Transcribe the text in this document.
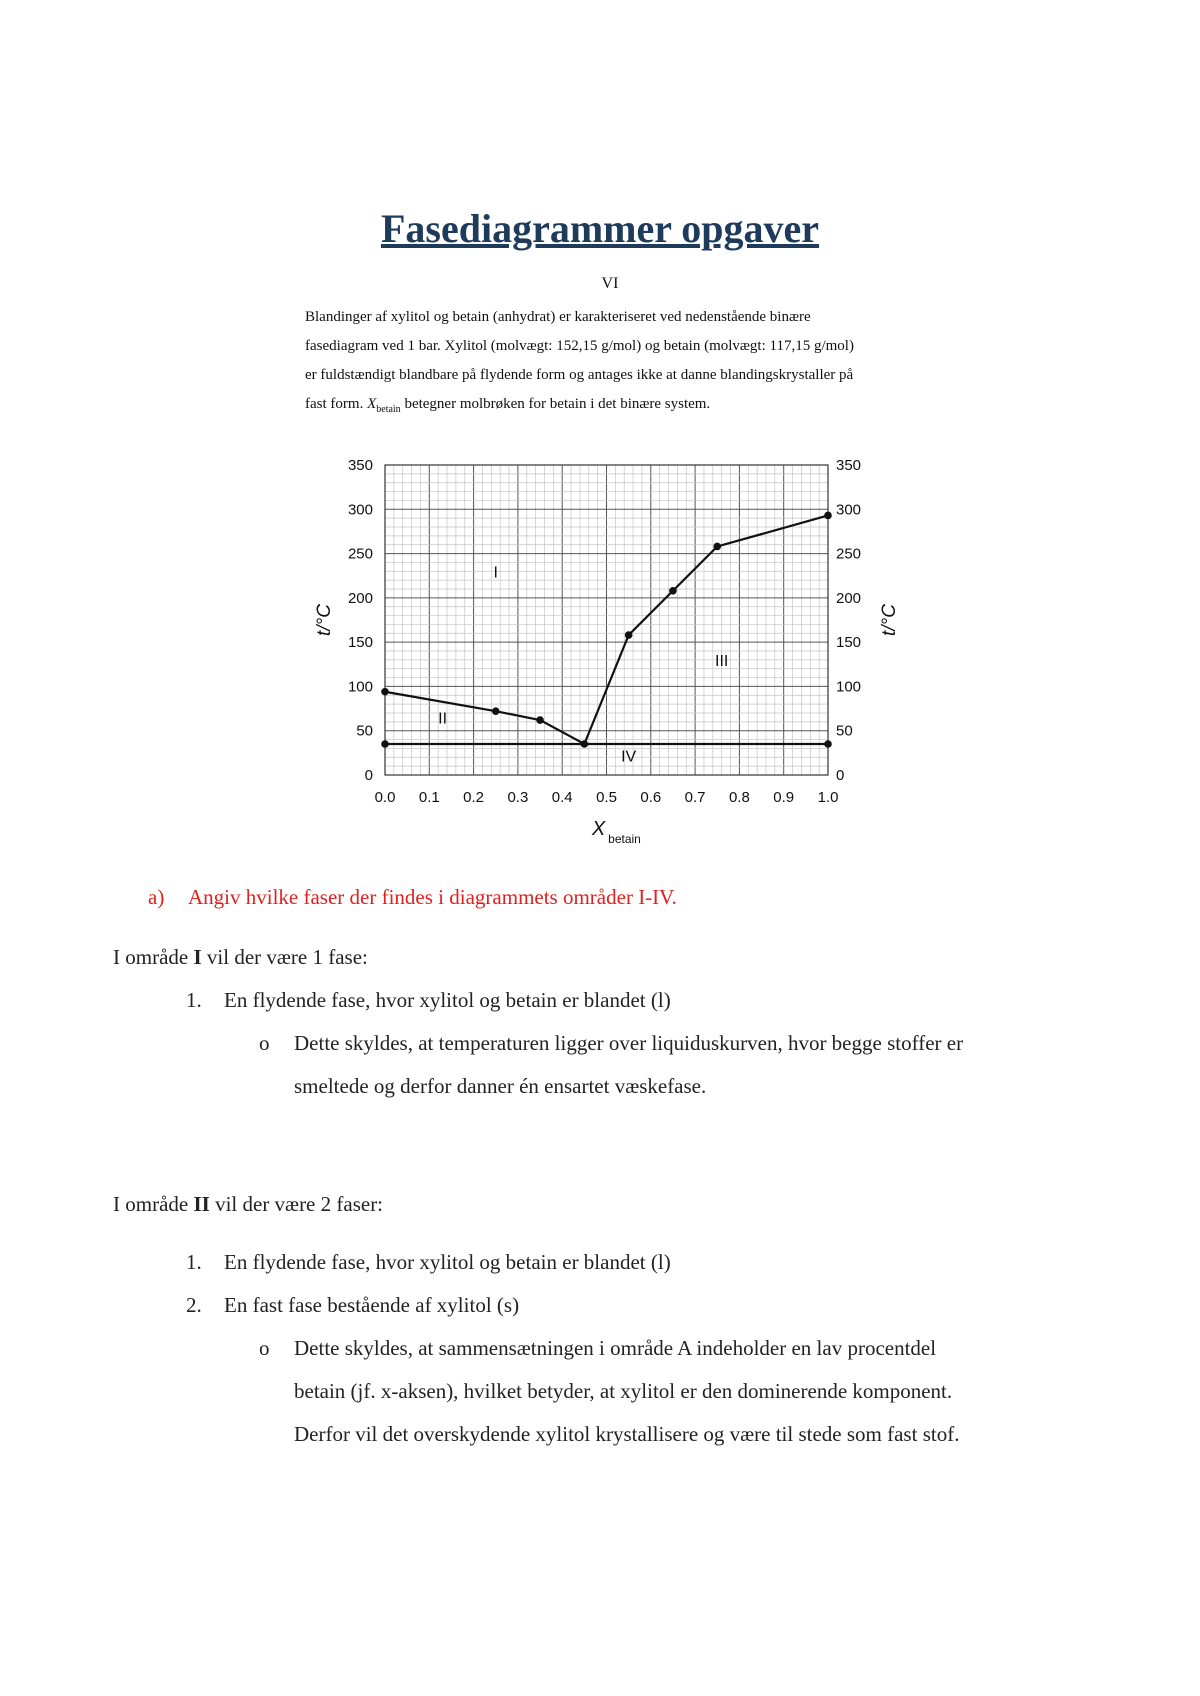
Fasediagrammer opgaver
VI

Blandinger af xylitol og betain (anhydrat) er karakteriseret ved nedenstående binære

fasediagram ved 1 bar. Xylitol (molvægt: 152,15 g/mol) og betain (molvægt: 117,15 g/mol)

er fuldstændigt blandbare på flydende form og antages ikke at danne blandingskrystaller på

fast form. $X_{betain}$ betegner molbrøken for betain i det binære system.

0.0 0.1 0.2 0.3 0.4 0.5 0.6 0.7 0.8 0.9 1.0
0	0
50	50
100	100
150	150
200	200
250	250
300	300
350	350
X betain
t/°C	t/°C
I
II
III
IV
a) Angiv hvilke faser der findes i diagrammets områder I-IV.
I område I vil der være 1 fase:
1. En flydende fase, hvor xylitol og betain er blandet (l)
o Dette skyldes, at temperaturen ligger over liquiduskurven, hvor begge stoffer er
smeltede og derfor danner én ensartet væskefase.
I område II vil der være 2 faser:
1. En flydende fase, hvor xylitol og betain er blandet (l)
2. En fast fase bestående af xylitol (s)
o Dette skyldes, at sammensætningen i område A indeholder en lav procentdel
betain (jf. x-aksen), hvilket betyder, at xylitol er den dominerende komponent.
Derfor vil det overskydende xylitol krystallisere og være til stede som fast stof.
